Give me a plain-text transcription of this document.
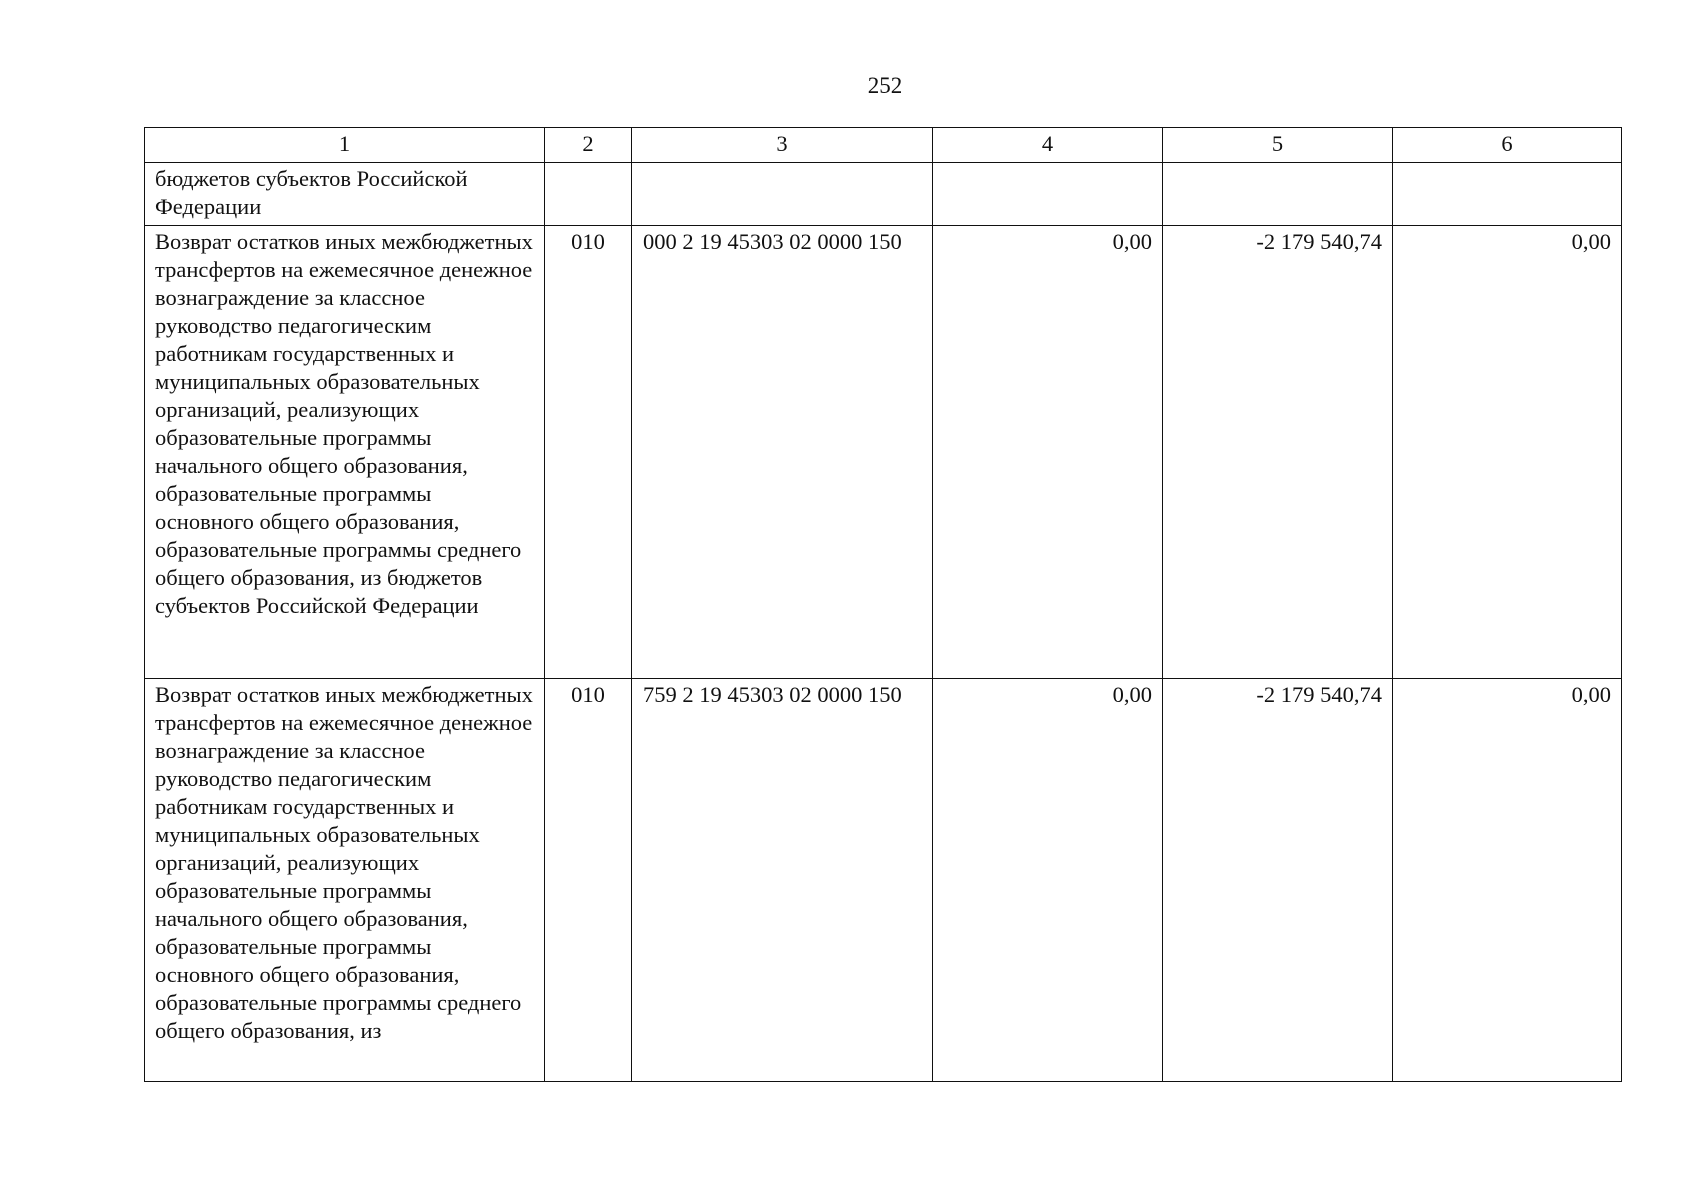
252
1	2	3	4	5	6
бюджетов субъектов Российской Федерации					
Возврат остатков иных межбюджетных трансфертов на ежемесячное денежное вознаграждение за классное руководство педагогическим работникам государственных и муниципальных образовательных организаций, реализующих образовательные программы начального общего образования, образовательные программы основного общего образования, образовательные программы среднего общего образования, из бюджетов субъектов Российской Федерации	010	000 2 19 45303 02 0000 150	0,00	-2 179 540,74	0,00
Возврат остатков иных межбюджетных трансфертов на ежемесячное денежное вознаграждение за классное руководство педагогическим работникам государственных и муниципальных образовательных организаций, реализующих образовательные программы начального общего образования, образовательные программы основного общего образования, образовательные программы среднего общего образования, из	010	759 2 19 45303 02 0000 150	0,00	-2 179 540,74	0,00
